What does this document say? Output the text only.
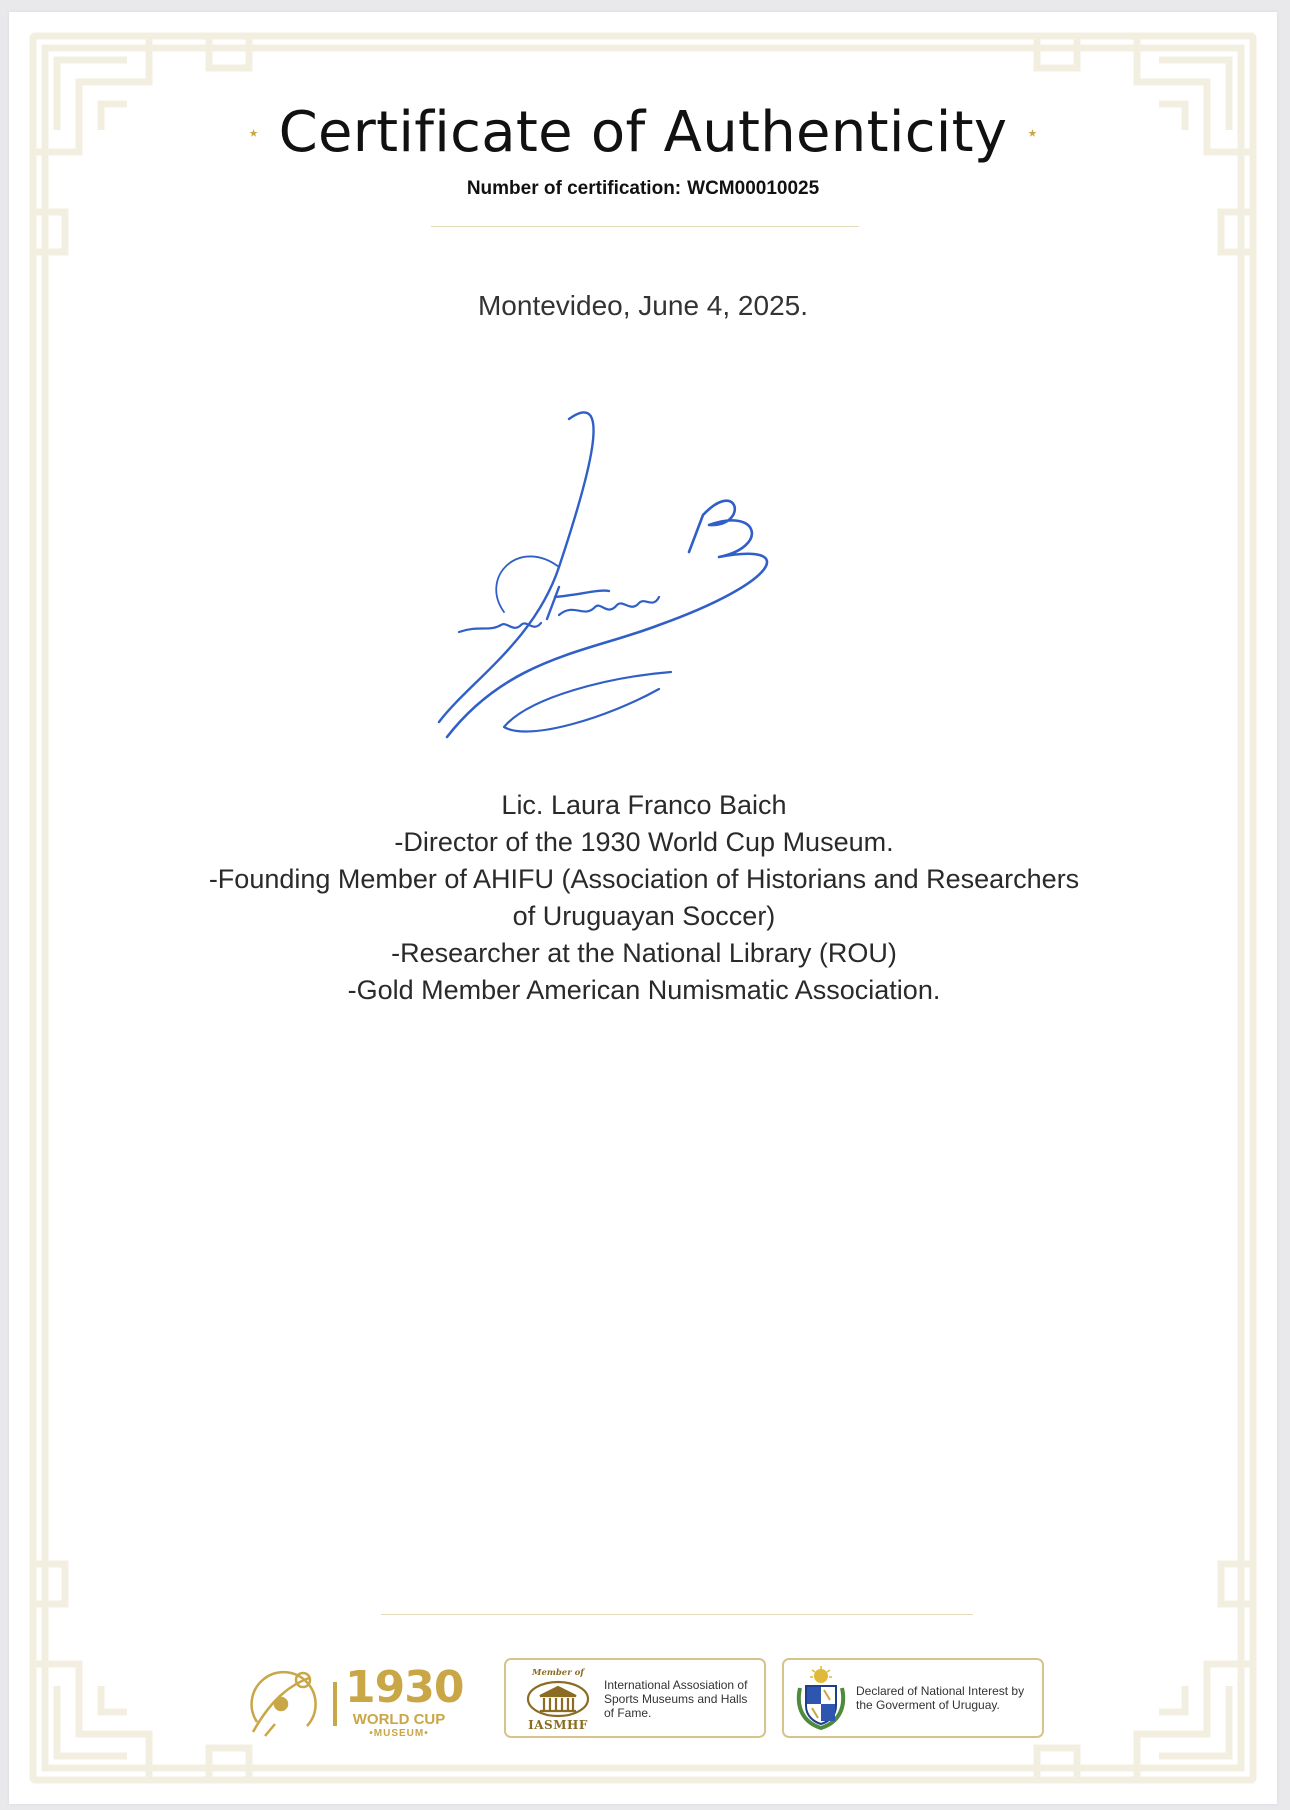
⭑ Certificate of Authenticity ⭑
Number of certification: WCM00010025
Montevideo, June 4, 2025.
Lic. Laura Franco Baich
-Director of the 1930 World Cup Museum.
-Founding Member of AHIFU (Association of Historians and Researchers
of Uruguayan Soccer)
-Researcher at the National Library (ROU)
-Gold Member American Numismatic Association.
1930
WORLD CUP
•MUSEUM•
Member of
IASMHF
International Assosiation of Sports Museums and Halls of Fame.
Declared of National Interest by the Goverment of Uruguay.
